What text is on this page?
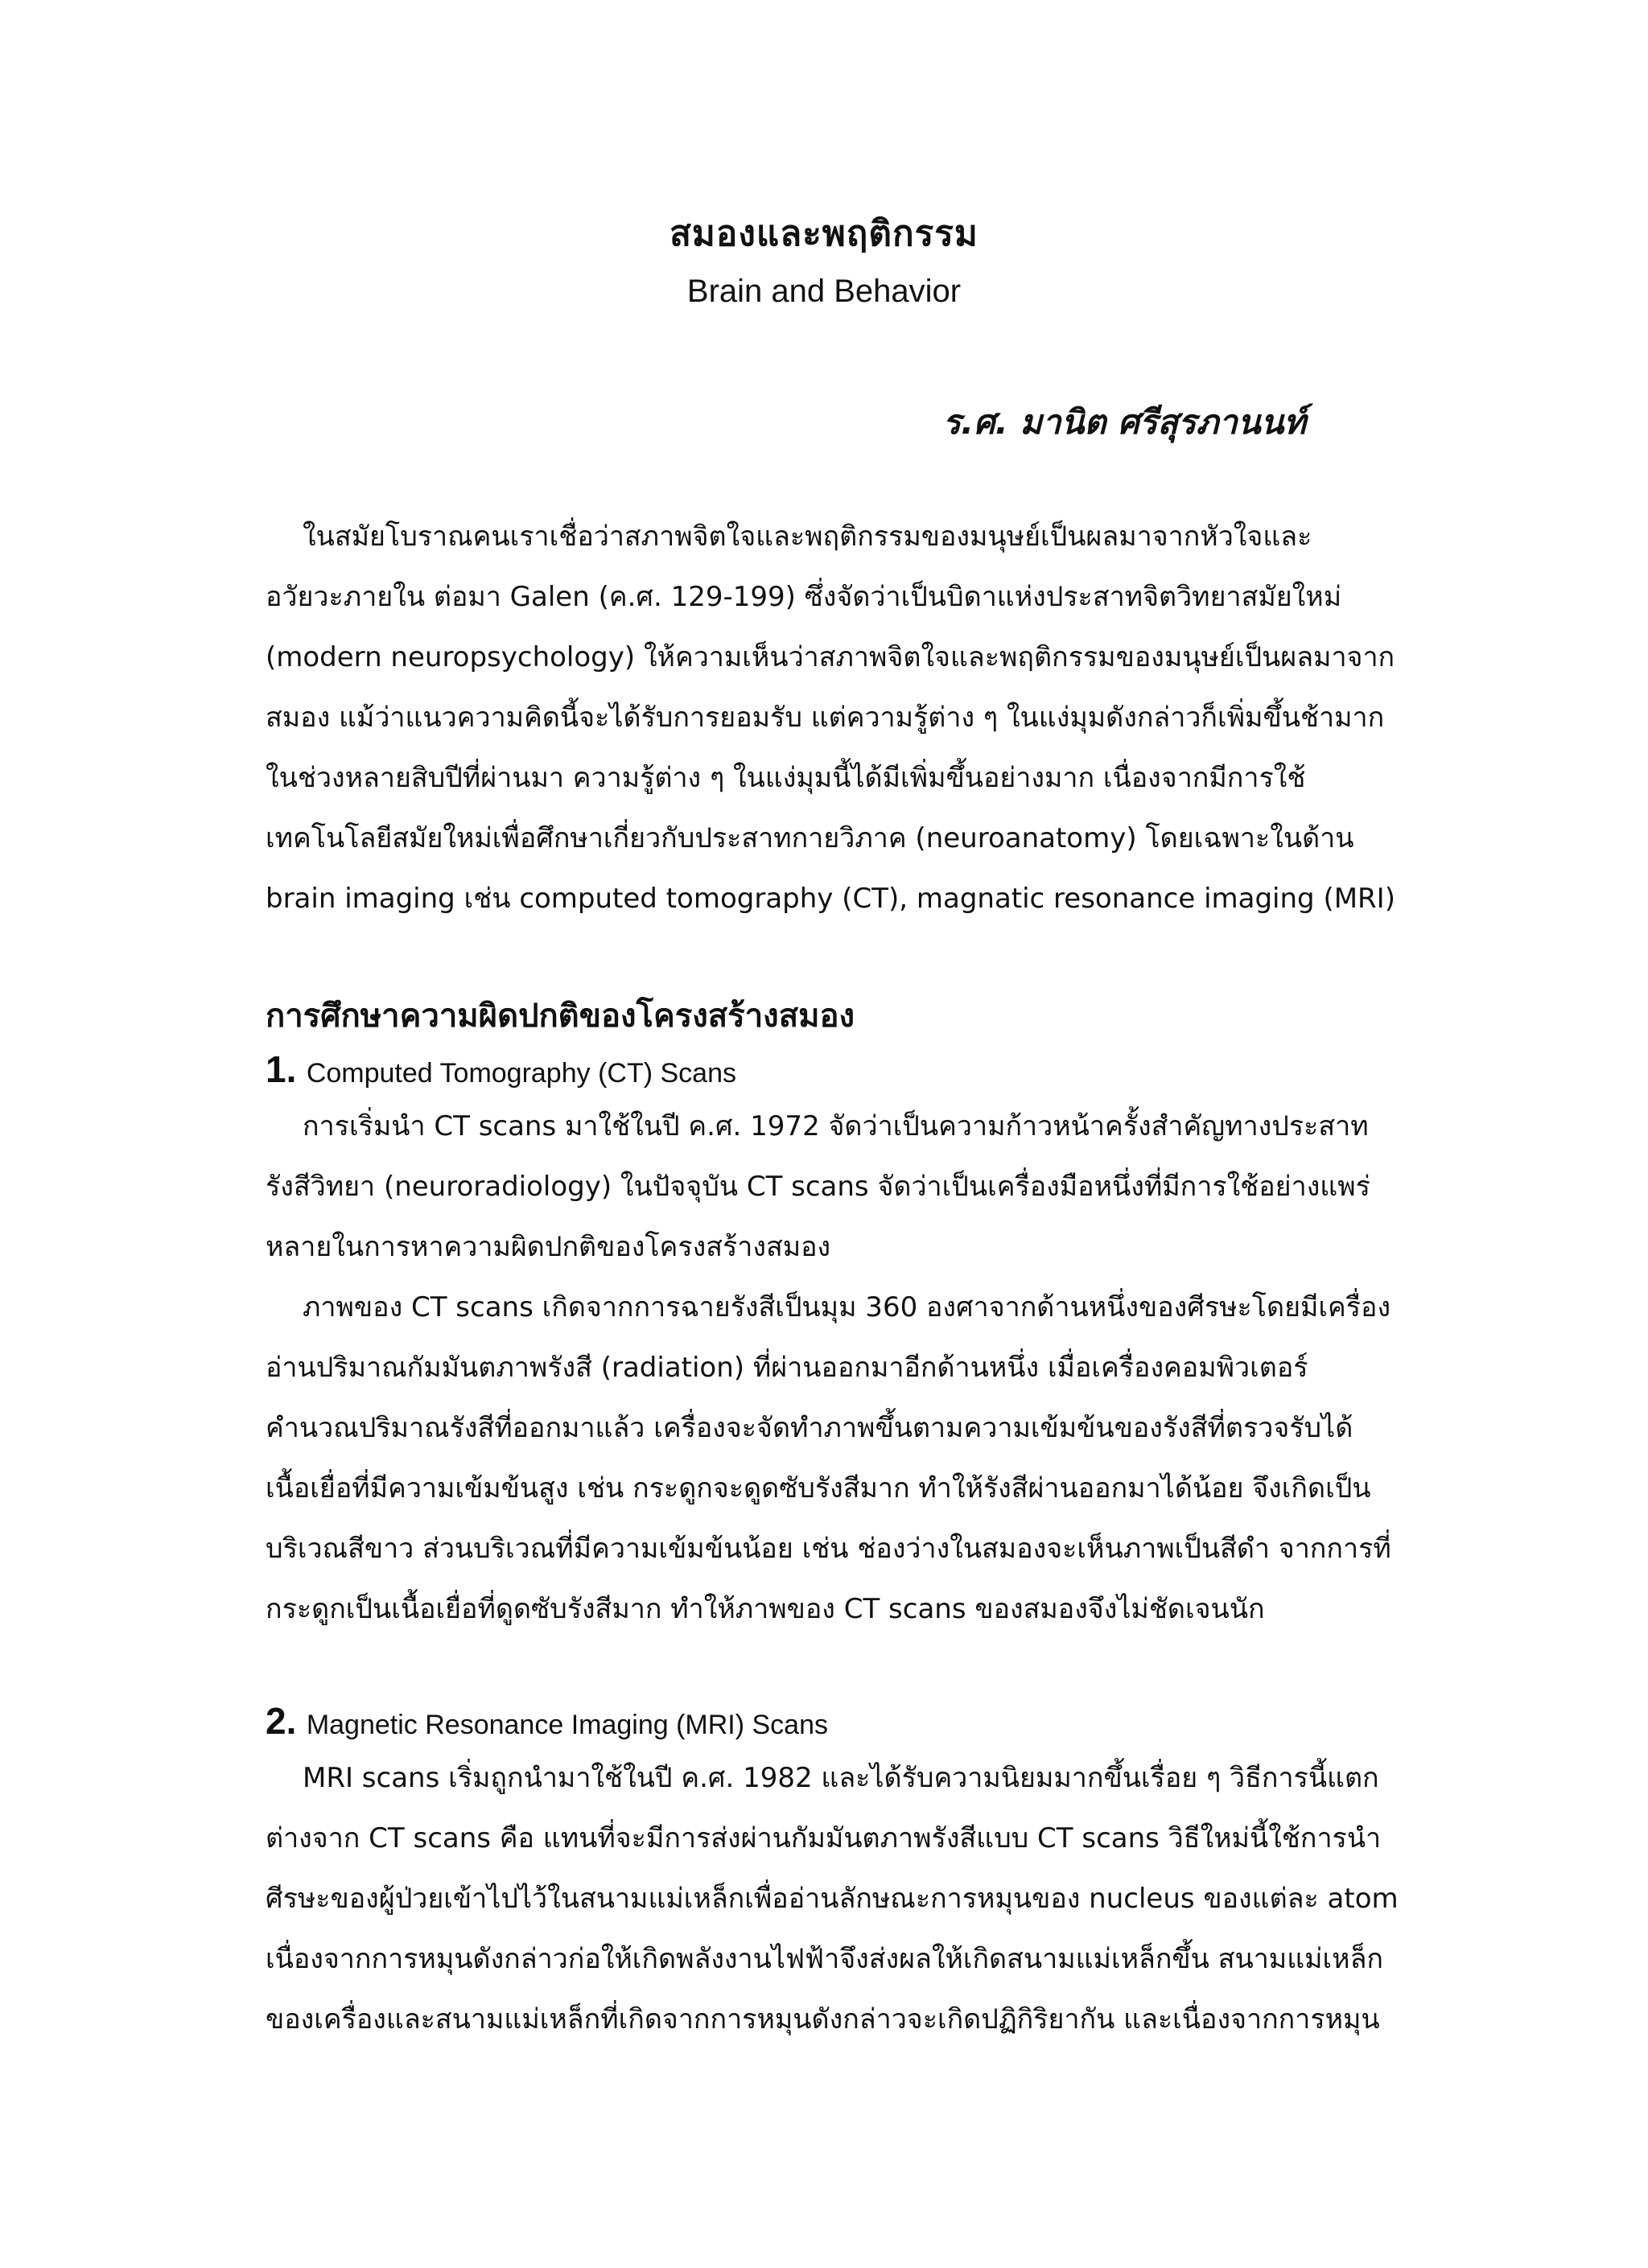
สมองและพฤติกรรม
Brain and Behavior
ร.ศ. มานิต ศรีสุรภานนท์
ในสมัยโบราณคนเราเชื่อว่าสภาพจิตใจและพฤติกรรมของมนุษย์เป็นผลมาจากหัวใจและ
อวัยวะภายใน ต่อมา Galen (ค.ศ. 129-199) ซึ่งจัดว่าเป็นบิดาแห่งประสาทจิตวิทยาสมัยใหม่
(modern neuropsychology) ให้ความเห็นว่าสภาพจิตใจและพฤติกรรมของมนุษย์เป็นผลมาจาก
สมอง แม้ว่าแนวความคิดนี้จะได้รับการยอมรับ แต่ความรู้ต่าง ๆ ในแง่มุมดังกล่าวก็เพิ่มขึ้นช้ามาก
ในช่วงหลายสิบปีที่ผ่านมา ความรู้ต่าง ๆ ในแง่มุมนี้ได้มีเพิ่มขึ้นอย่างมาก เนื่องจากมีการใช้
เทคโนโลยีสมัยใหม่เพื่อศึกษาเกี่ยวกับประสาทกายวิภาค (neuroanatomy) โดยเฉพาะในด้าน
brain imaging เช่น computed tomography (CT), magnatic resonance imaging (MRI)
การศึกษาความผิดปกติของโครงสร้างสมอง
1. Computed Tomography (CT) Scans
การเริ่มนำ CT scans มาใช้ในปี ค.ศ. 1972 จัดว่าเป็นความก้าวหน้าครั้งสำคัญทางประสาท
รังสีวิทยา (neuroradiology) ในปัจจุบัน CT scans จัดว่าเป็นเครื่องมือหนึ่งที่มีการใช้อย่างแพร่
หลายในการหาความผิดปกติของโครงสร้างสมอง
ภาพของ CT scans เกิดจากการฉายรังสีเป็นมุม 360 องศาจากด้านหนึ่งของศีรษะโดยมีเครื่อง
อ่านปริมาณกัมมันตภาพรังสี (radiation) ที่ผ่านออกมาอีกด้านหนึ่ง เมื่อเครื่องคอมพิวเตอร์
คำนวณปริมาณรังสีที่ออกมาแล้ว เครื่องจะจัดทำภาพขึ้นตามความเข้มข้นของรังสีที่ตรวจรับได้
เนื้อเยื่อที่มีความเข้มข้นสูง เช่น กระดูกจะดูดซับรังสีมาก ทำให้รังสีผ่านออกมาได้น้อย จึงเกิดเป็น
บริเวณสีขาว ส่วนบริเวณที่มีความเข้มข้นน้อย เช่น ช่องว่างในสมองจะเห็นภาพเป็นสีดำ จากการที่
กระดูกเป็นเนื้อเยื่อที่ดูดซับรังสีมาก ทำให้ภาพของ CT scans ของสมองจึงไม่ชัดเจนนัก
2. Magnetic Resonance Imaging (MRI) Scans
MRI scans เริ่มถูกนำมาใช้ในปี ค.ศ. 1982 และได้รับความนิยมมากขึ้นเรื่อย ๆ วิธีการนี้แตก
ต่างจาก CT scans คือ แทนที่จะมีการส่งผ่านกัมมันตภาพรังสีแบบ CT scans วิธีใหม่นี้ใช้การนำ
ศีรษะของผู้ป่วยเข้าไปไว้ในสนามแม่เหล็กเพื่ออ่านลักษณะการหมุนของ nucleus ของแต่ละ atom
เนื่องจากการหมุนดังกล่าวก่อให้เกิดพลังงานไฟฟ้าจึงส่งผลให้เกิดสนามแม่เหล็กขึ้น สนามแม่เหล็ก
ของเครื่องและสนามแม่เหล็กที่เกิดจากการหมุนดังกล่าวจะเกิดปฏิกิริยากัน และเนื่องจากการหมุน
